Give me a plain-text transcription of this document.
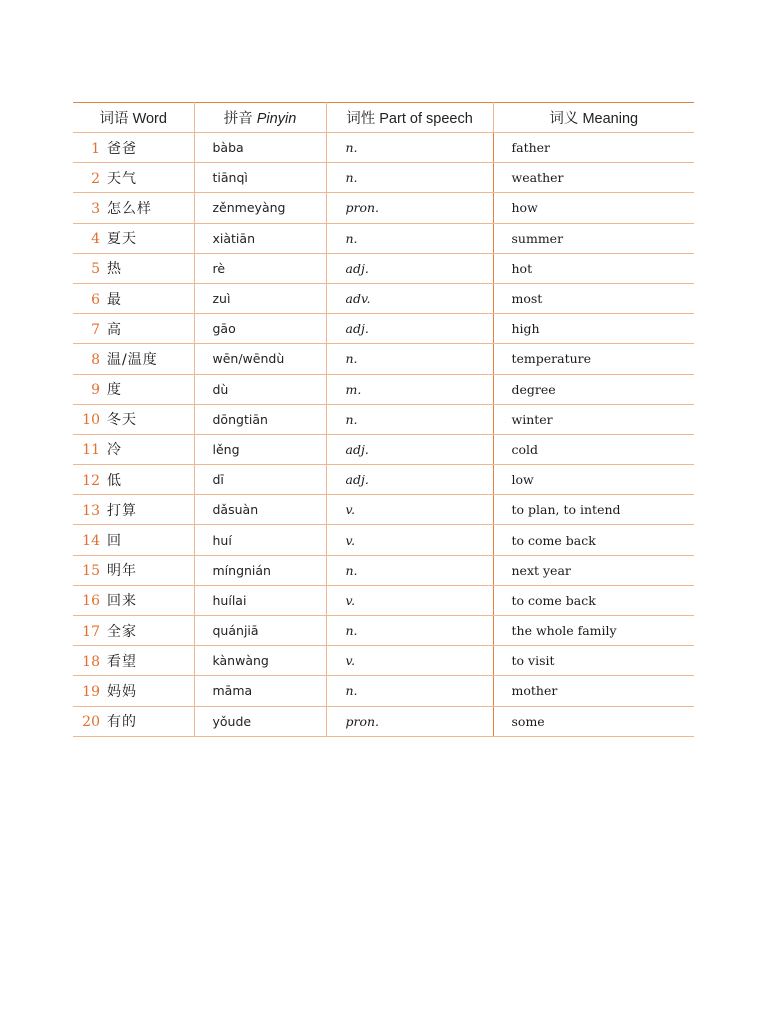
词语 Word	拼音 Pinyin	词性 Part of speech	词义 Meaning
1 爸爸	bàba	n.	father
2 天气	tiānqì	n.	weather
3 怎么样	zěnmeyàng	pron.	how
4 夏天	xiàtiān	n.	summer
5 热	rè	adj.	hot
6 最	zuì	adv.	most
7 高	gāo	adj.	high
8 温/温度	wēn/wēndù	n.	temperature
9 度	dù	m.	degree
10 冬天	dōngtiān	n.	winter
11 冷	lěng	adj.	cold
12 低	dī	adj.	low
13 打算	dǎsuàn	v.	to plan, to intend
14 回	huí	v.	to come back
15 明年	míngnián	n.	next year
16 回来	huílai	v.	to come back
17 全家	quánjiā	n.	the whole family
18 看望	kànwàng	v.	to visit
19 妈妈	māma	n.	mother
20 有的	yǒude	pron.	some
